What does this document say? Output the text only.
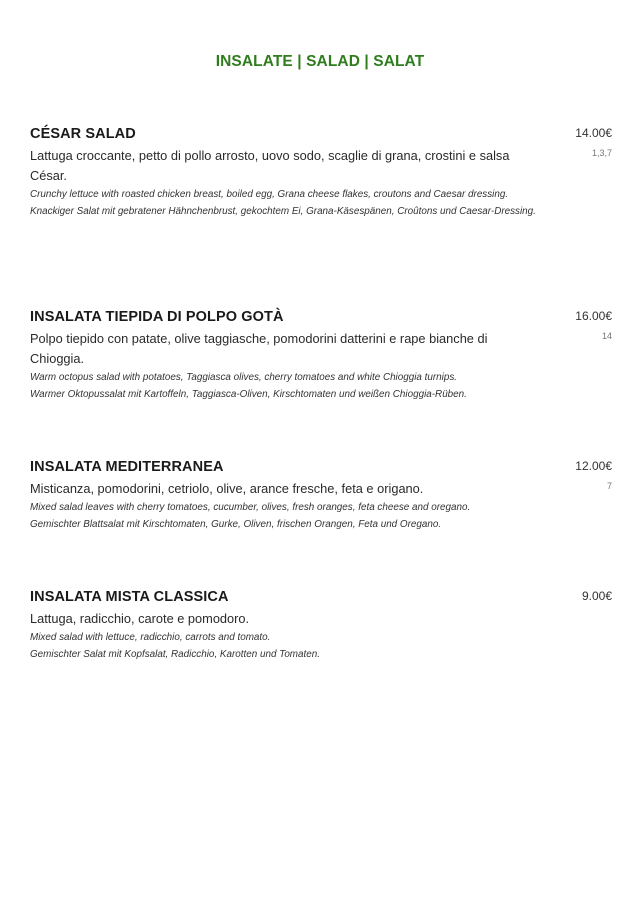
INSALATE | SALAD | SALAT
CÉSAR SALAD	14.00€
1,3,7
Lattuga croccante, petto di pollo arrosto, uovo sodo, scaglie di grana, crostini e salsa César.
Crunchy lettuce with roasted chicken breast, boiled egg, Grana cheese flakes, croutons and Caesar dressing.
Knackiger Salat mit gebratener Hähnchenbrust, gekochtem Ei, Grana-Käsespänen, Croûtons und Caesar-Dressing.
INSALATA TIEPIDA DI POLPO GOTÀ	16.00€
14
Polpo tiepido con patate, olive taggiasche, pomodorini datterini e rape bianche di Chioggia.
Warm octopus salad with potatoes, Taggiasca olives, cherry tomatoes and white Chioggia turnips.
Warmer Oktopussalat mit Kartoffeln, Taggiasca-Oliven, Kirschtomaten und weißen Chioggia-Rüben.
INSALATA MEDITERRANEA	12.00€
7
Misticanza, pomodorini, cetriolo, olive, arance fresche, feta e origano.
Mixed salad leaves with cherry tomatoes, cucumber, olives, fresh oranges, feta cheese and oregano.
Gemischter Blattsalat mit Kirschtomaten, Gurke, Oliven, frischen Orangen, Feta und Oregano.
INSALATA MISTA CLASSICA	9.00€
Lattuga, radicchio, carote e pomodoro.
Mixed salad with lettuce, radicchio, carrots and tomato.
Gemischter Salat mit Kopfsalat, Radicchio, Karotten und Tomaten.
